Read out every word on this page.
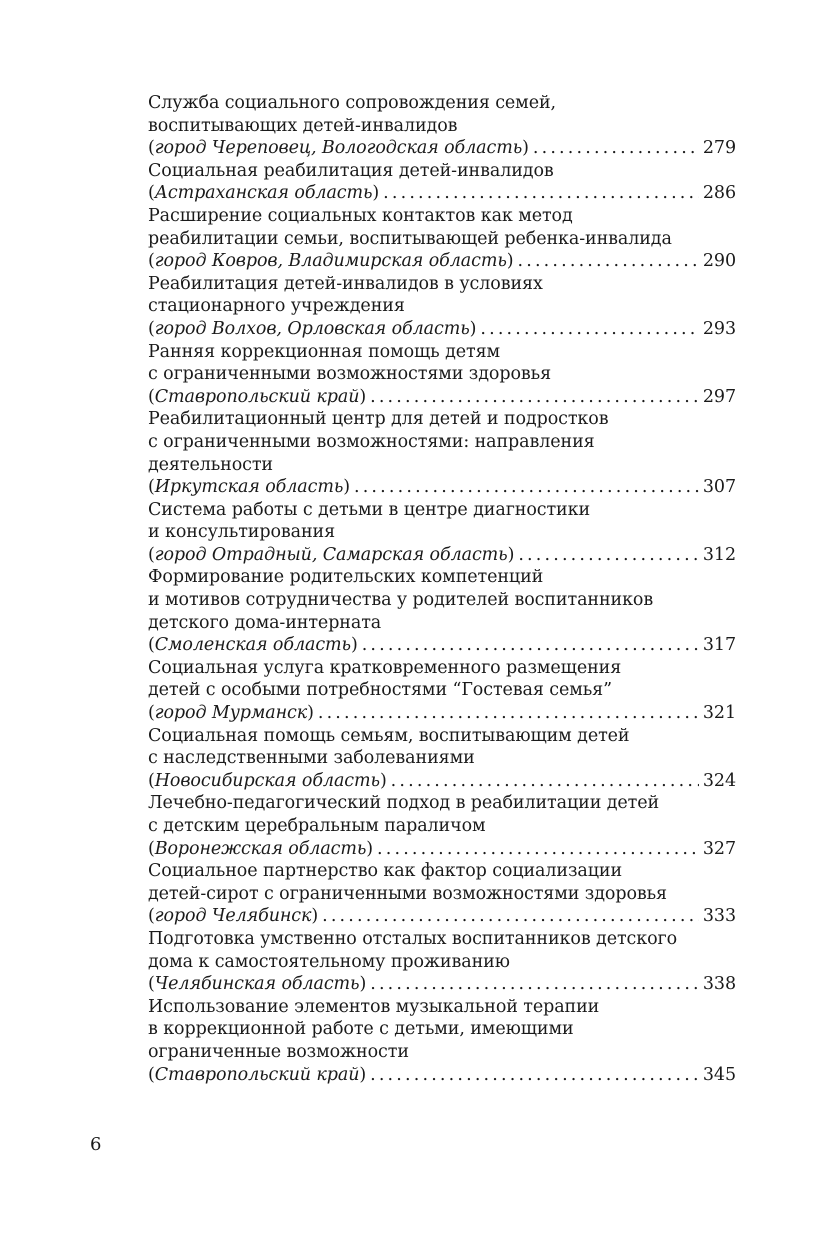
Служба социального сопровождения семей,
воспитывающих детей-инвалидов
(город Череповец, Вологодская область) . . .	279
Социальная реабилитация детей-инвалидов
(Астраханская область) . . .	286
Расширение социальных контактов как метод
реабилитации семьи, воспитывающей ребенка-инвалида
(город Ковров, Владимирская область) . . .	290
Реабилитация детей-инвалидов в условиях
стационарного учреждения
(город Волхов, Орловская область) . . .	293
Ранняя коррекционная помощь детям
с ограниченными возможностями здоровья
(Ставропольский край) . . .	297
Реабилитационный центр для детей и подростков
с ограниченными возможностями: направления
деятельности
(Иркутская область) . . .	307
Система работы с детьми в центре диагностики
и консультирования
(город Отрадный, Самарская область) . . .	312
Формирование родительских компетенций
и мотивов сотрудничества у родителей воспитанников
детского дома-интерната
(Смоленская область) . . .	317
Социальная услуга кратковременного размещения
детей с особыми потребностями “Гостевая семья”
(город Мурманск) . . .	321
Социальная помощь семьям, воспитывающим детей
с наследственными заболеваниями
(Новосибирская область) . . .	324
Лечебно-педагогический подход в реабилитации детей
с детским церебральным параличом
(Воронежская область) . . .	327
Социальное партнерство как фактор социализации
детей-сирот с ограниченными возможностями здоровья
(город Челябинск) . . .	333
Подготовка умственно отсталых воспитанников детского
дома к самостоятельному проживанию
(Челябинская область) . . .	338
Использование элементов музыкальной терапии
в коррекционной работе с детьми, имеющими
ограниченные возможности
(Ставропольский край) . . .	345
6
